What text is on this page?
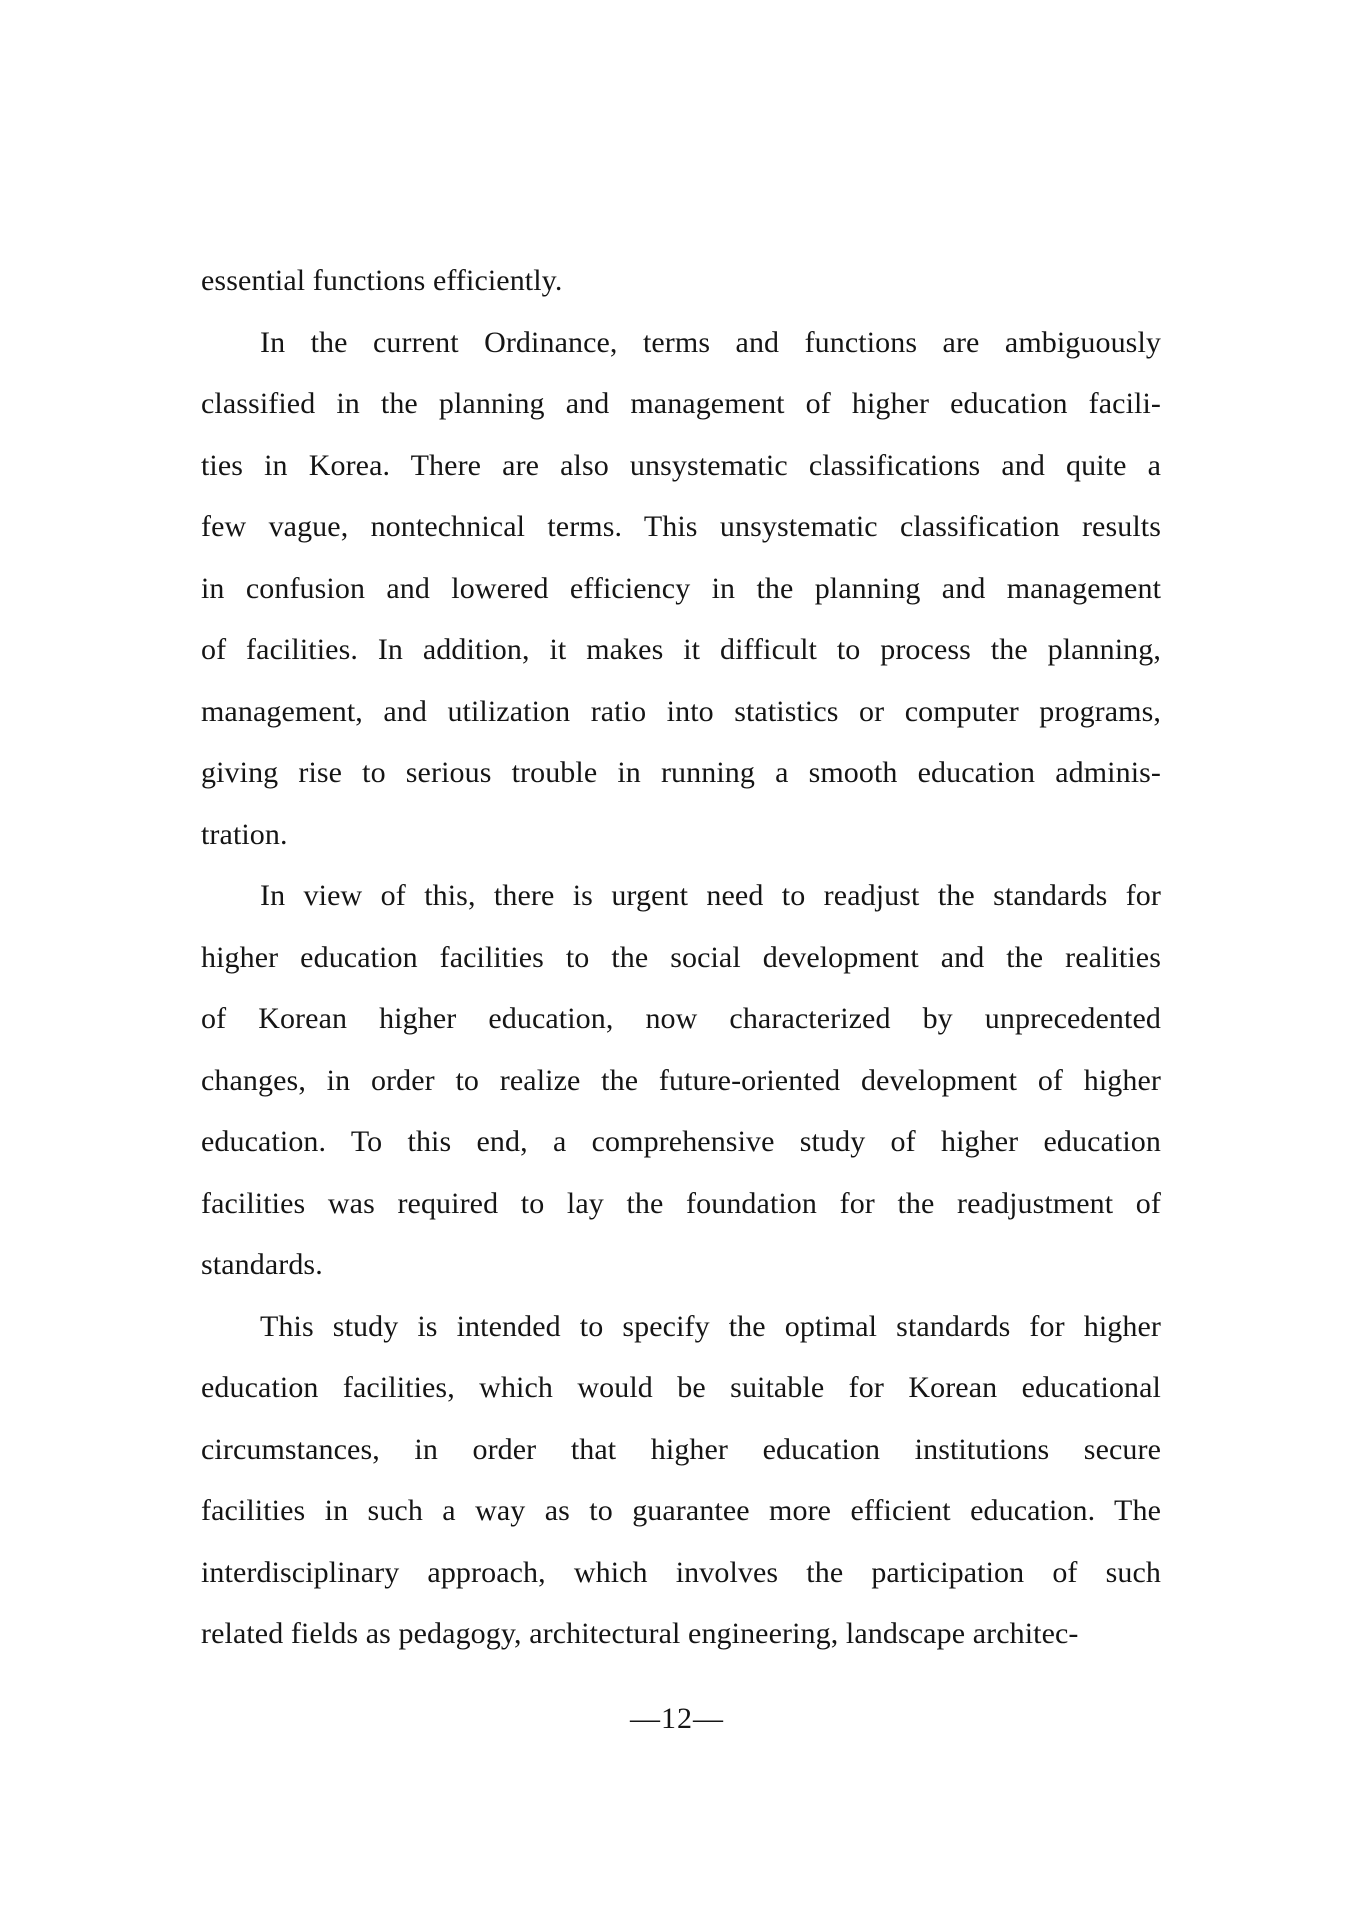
essential functions efficiently.

In the current Ordinance, terms and functions are ambiguously
classified in the planning and management of higher education facili-
ties in Korea. There are also unsystematic classifications and quite a
few vague, nontechnical terms. This unsystematic classification results
in confusion and lowered efficiency in the planning and management
of facilities. In addition, it makes it difficult to process the planning,
management, and utilization ratio into statistics or computer programs,
giving rise to serious trouble in running a smooth education adminis-
tration.

In view of this, there is urgent need to readjust the standards for
higher education facilities to the social development and the realities
of Korean higher education, now characterized by unprecedented
changes, in order to realize the future-oriented development of higher
education. To this end, a comprehensive study of higher education
facilities was required to lay the foundation for the readjustment of
standards.

This study is intended to specify the optimal standards for higher
education facilities, which would be suitable for Korean educational
circumstances, in order that higher education institutions secure
facilities in such a way as to guarantee more efficient education. The
interdisciplinary approach, which involves the participation of such
related fields as pedagogy, architectural engineering, landscape architec-

—12—
